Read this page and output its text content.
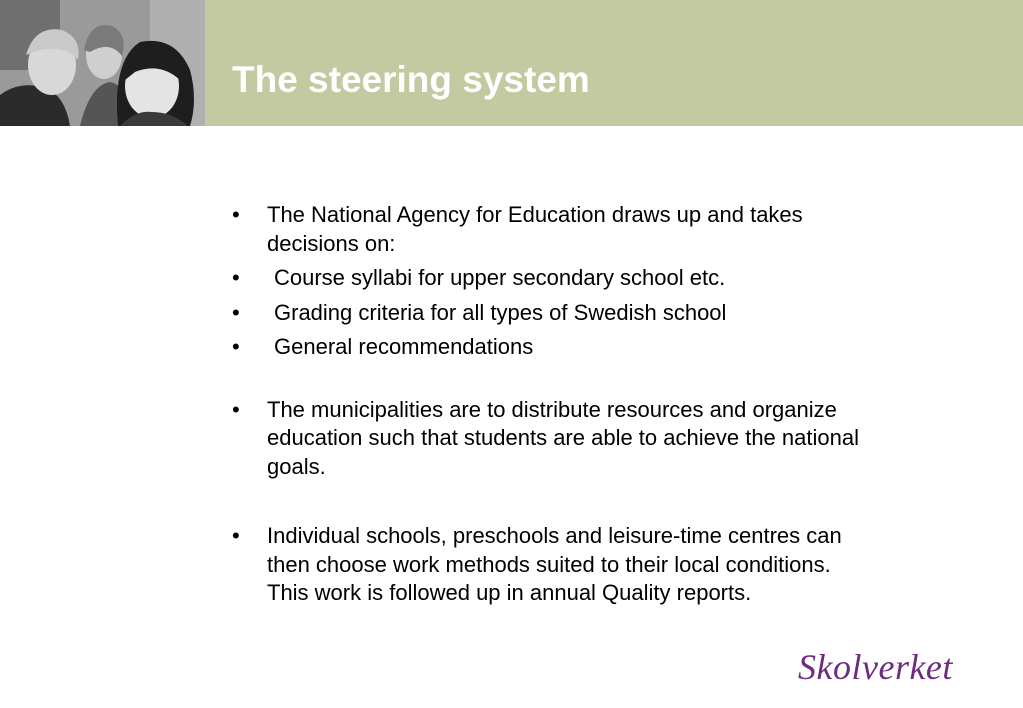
The steering system
• The National Agency for Education draws up and takes decisions on:
• Course syllabi for upper secondary school etc.
• Grading criteria for all types of Swedish school
• General recommendations
• The municipalities are to distribute resources and organize education such that students are able to achieve the national goals.
• Individual schools, preschools and leisure-time centres can then choose work methods suited to their local conditions. This work is followed up in annual Quality reports.
Skolverket
